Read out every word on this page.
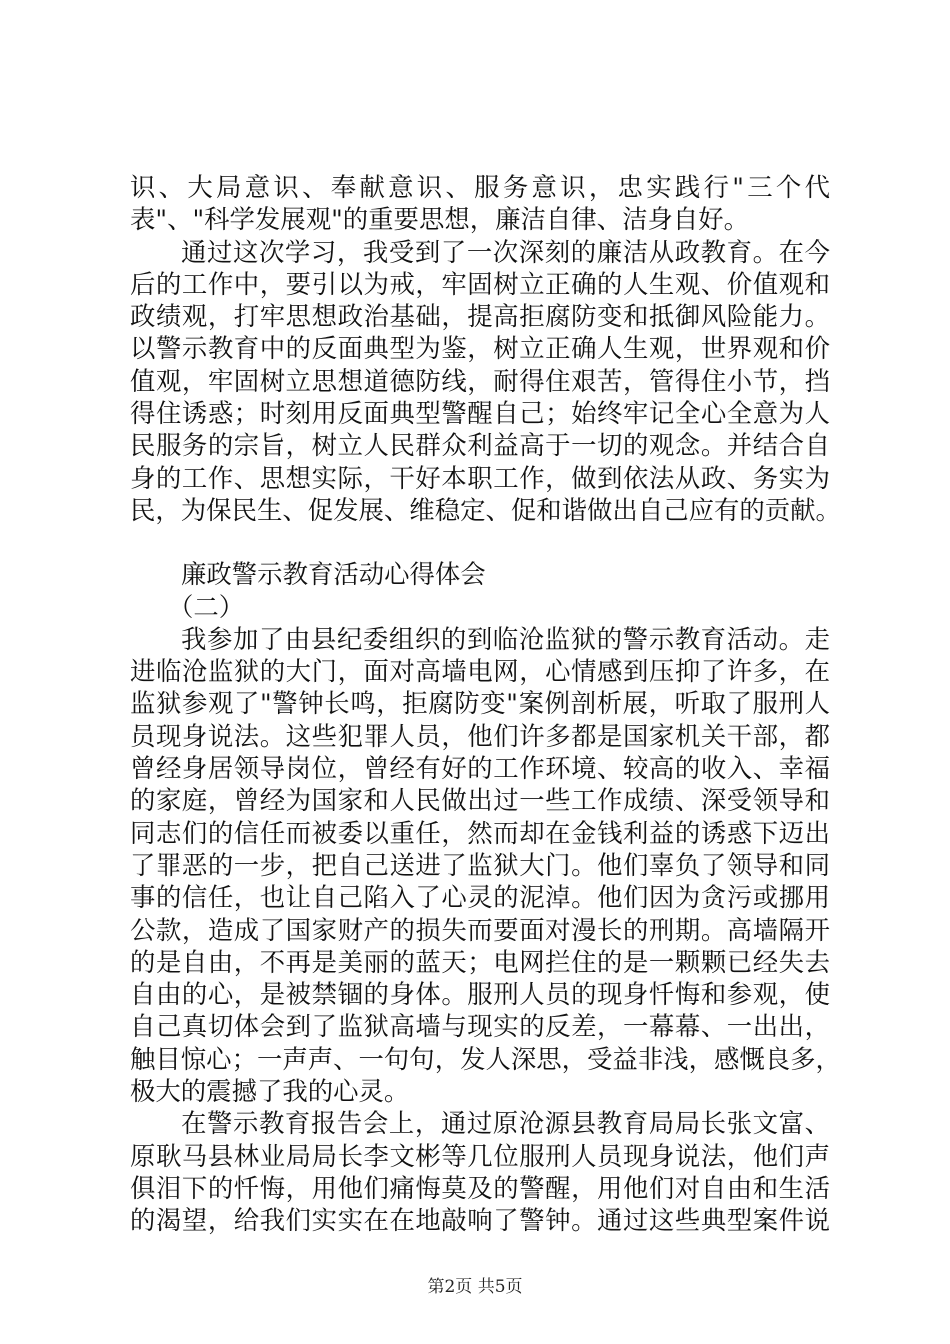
识、大局意识、奉献意识、服务意识，忠实践行"三个代
表"、"科学发展观"的重要思想，廉洁自律、洁身自好。
通过这次学习，我受到了一次深刻的廉洁从政教育。在今
后的工作中，要引以为戒，牢固树立正确的人生观、价值观和
政绩观，打牢思想政治基础，提高拒腐防变和抵御风险能力。
以警示教育中的反面典型为鉴，树立正确人生观，世界观和价
值观，牢固树立思想道德防线，耐得住艰苦，管得住小节，挡
得住诱惑；时刻用反面典型警醒自己；始终牢记全心全意为人
民服务的宗旨，树立人民群众利益高于一切的观念。并结合自
身的工作、思想实际，干好本职工作，做到依法从政、务实为
民，为保民生、促发展、维稳定、促和谐做出自己应有的贡献。
廉政警示教育活动心得体会
（二）
我参加了由县纪委组织的到临沧监狱的警示教育活动。走
进临沧监狱的大门，面对高墙电网，心情感到压抑了许多，在
监狱参观了"警钟长鸣，拒腐防变"案例剖析展，听取了服刑人
员现身说法。这些犯罪人员，他们许多都是国家机关干部，都
曾经身居领导岗位，曾经有好的工作环境、较高的收入、幸福
的家庭，曾经为国家和人民做出过一些工作成绩、深受领导和
同志们的信任而被委以重任，然而却在金钱利益的诱惑下迈出
了罪恶的一步，把自己送进了监狱大门。他们辜负了领导和同
事的信任，也让自己陷入了心灵的泥淖。他们因为贪污或挪用
公款，造成了国家财产的损失而要面对漫长的刑期。高墙隔开
的是自由，不再是美丽的蓝天；电网拦住的是一颗颗已经失去
自由的心，是被禁锢的身体。服刑人员的现身忏悔和参观，使
自己真切体会到了监狱高墙与现实的反差，一幕幕、一出出，
触目惊心；一声声、一句句，发人深思，受益非浅，感慨良多，
极大的震撼了我的心灵。
在警示教育报告会上，通过原沧源县教育局局长张文富、
原耿马县林业局局长李文彬等几位服刑人员现身说法，他们声
俱泪下的忏悔，用他们痛悔莫及的警醒，用他们对自由和生活
的渴望，给我们实实在在地敲响了警钟。通过这些典型案件说
第2页 共5页
